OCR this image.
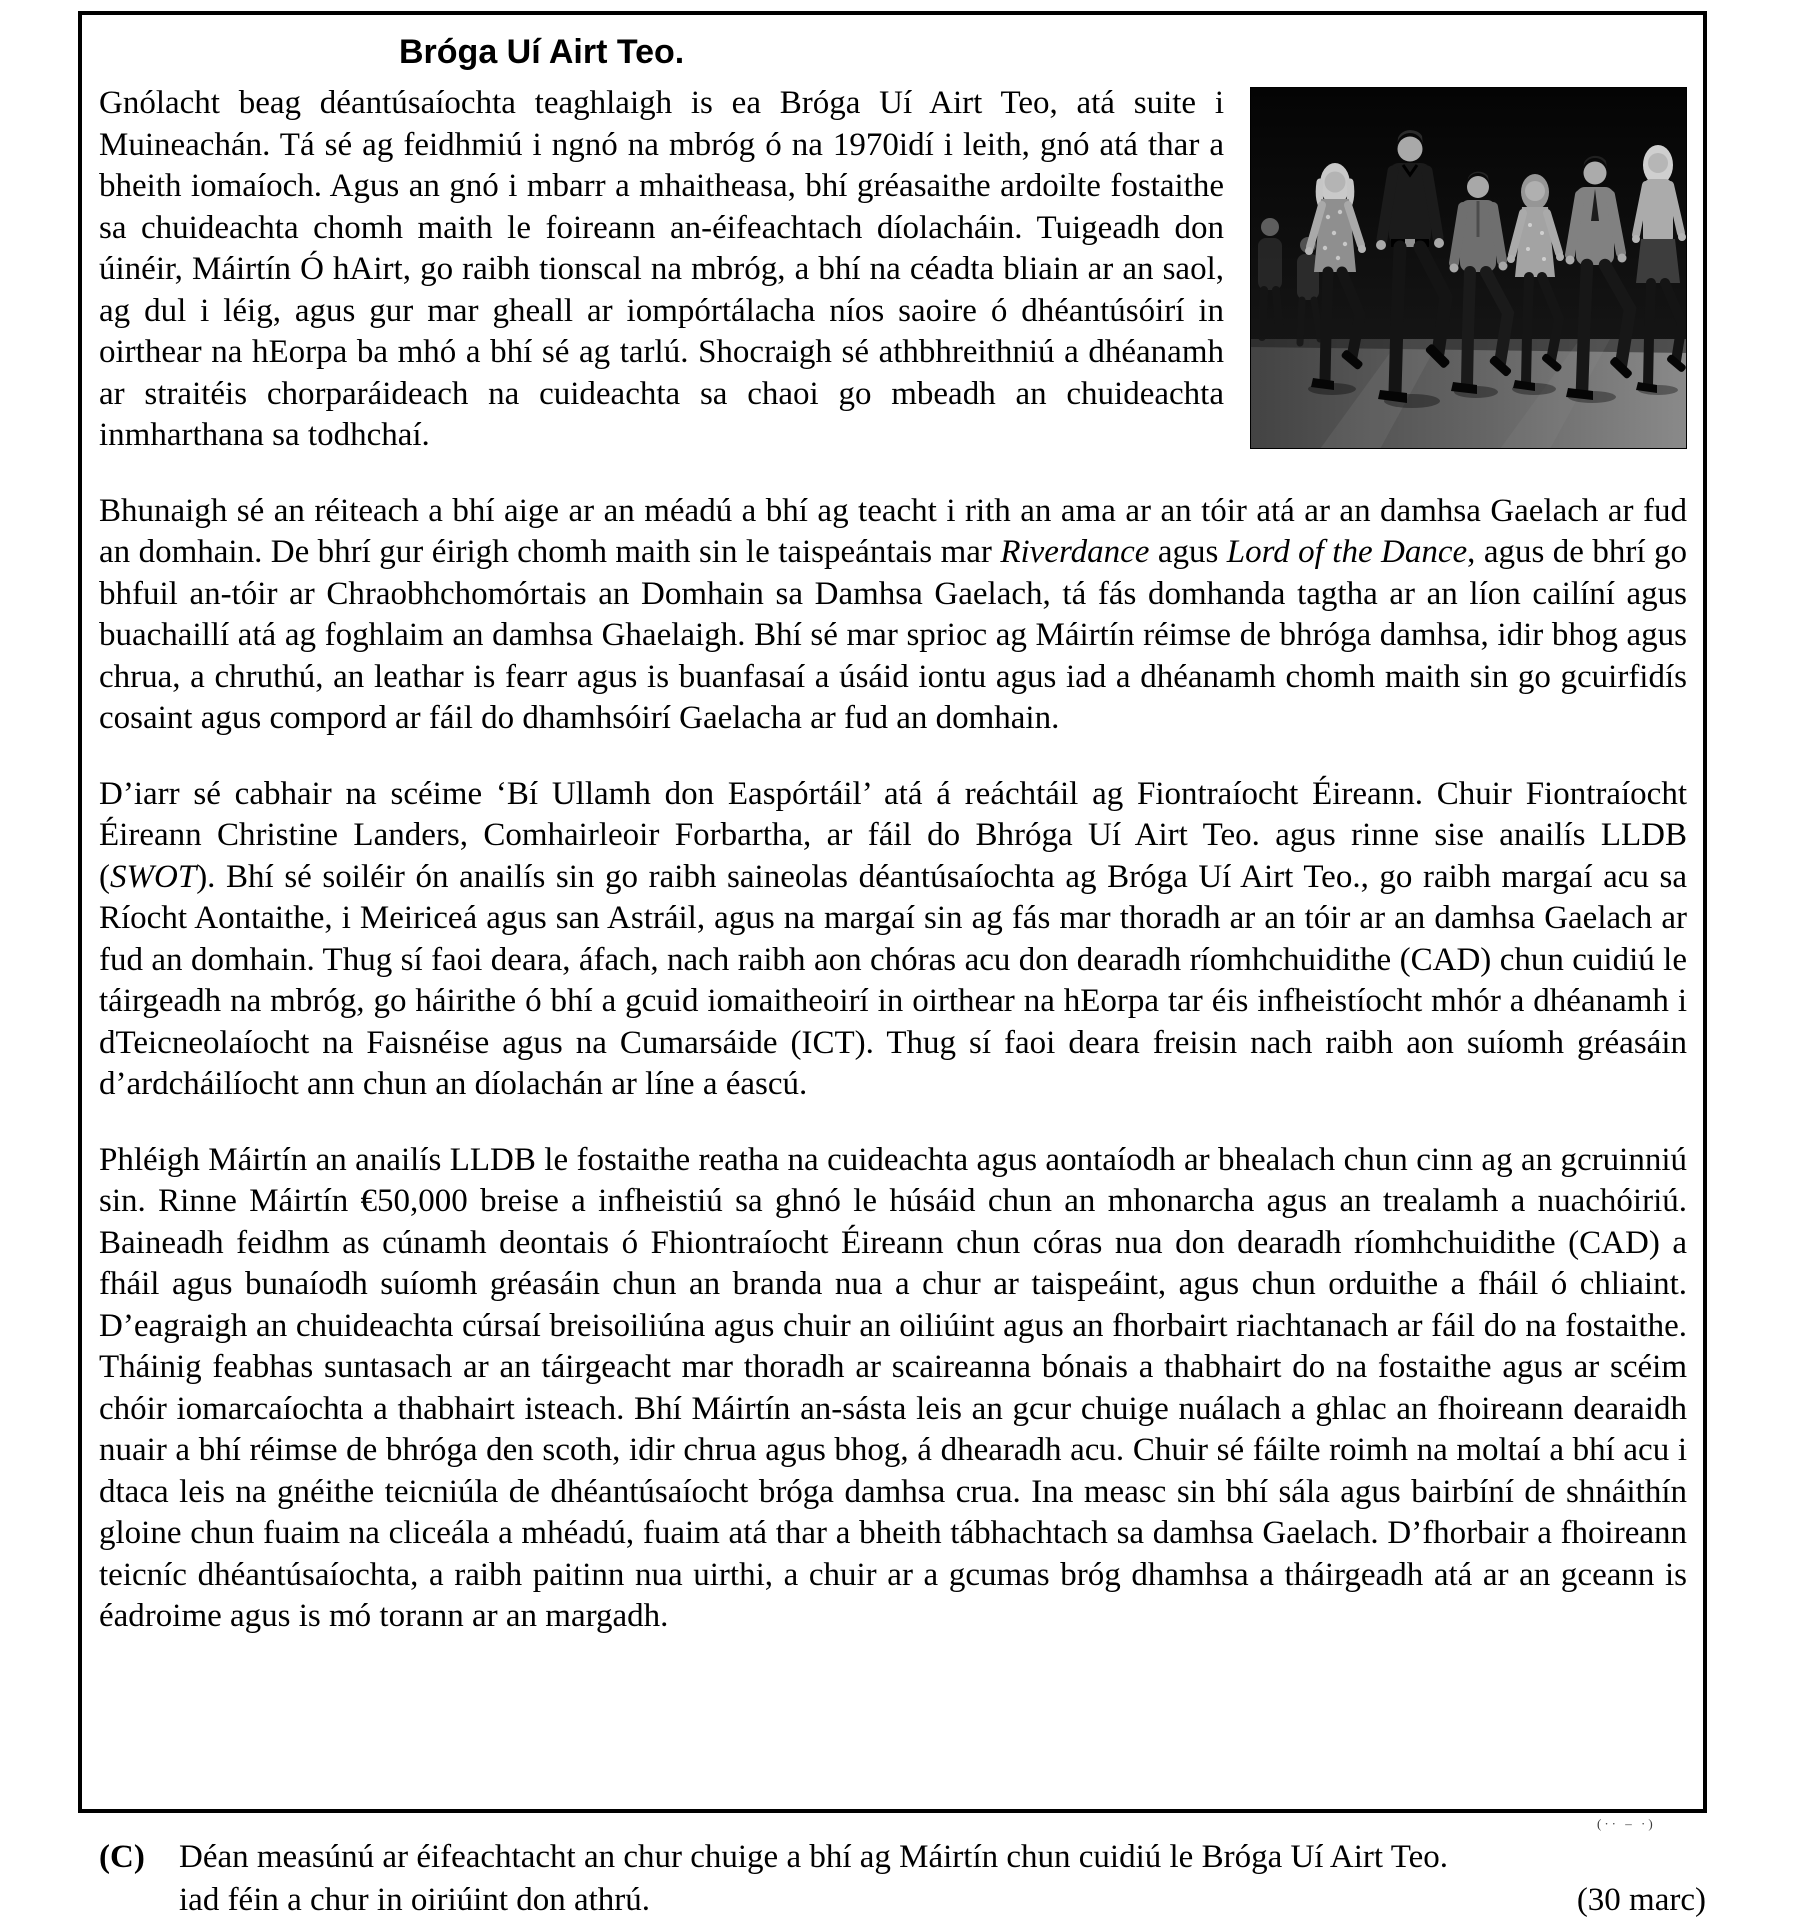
Bróga Uí Airt Teo.
Gnólacht beag déantúsaíochta teaghlaigh is ea Bróga Uí Airt Teo, atá suite i Muineachán. Tá sé ag feidhmiú i ngnó na mbróg ó na 1970idí i leith, gnó atá thar a bheith iomaíoch. Agus an gnó i mbarr a mhaitheasa, bhí gréasaithe ardoilte fostaithe sa chuideachta chomh maith le foireann an-éifeachtach díolacháin. Tuigeadh don úinéir, Máirtín Ó hAirt, go raibh tionscal na mbróg, a bhí na céadta bliain ar an saol, ag dul i léig, agus gur mar gheall ar iompórtálacha níos saoire ó dhéantúsóirí in oirthear na hEorpa ba mhó a bhí sé ag tarlú. Shocraigh sé athbhreithniú a dhéanamh ar straitéis chorparáideach na cuideachta sa chaoi go mbeadh an chuideachta inmharthana sa todhchaí.
Bhunaigh sé an réiteach a bhí aige ar an méadú a bhí ag teacht i rith an ama ar an tóir atá ar an damhsa Gaelach ar fud an domhain. De bhrí gur éirigh chomh maith sin le taispeántais mar Riverdance agus Lord of the Dance, agus de bhrí go bhfuil an-tóir ar Chraobhchomórtais an Domhain sa Damhsa Gaelach, tá fás domhanda tagtha ar an líon cailíní agus buachaillí atá ag foghlaim an damhsa Ghaelaigh. Bhí sé mar sprioc ag Máirtín réimse de bhróga damhsa, idir bhog agus chrua, a chruthú, an leathar is fearr agus is buanfasaí a úsáid iontu agus iad a dhéanamh chomh maith sin go gcuirfidís cosaint agus compord ar fáil do dhamhsóirí Gaelacha ar fud an domhain.
D’iarr sé cabhair na scéime ‘Bí Ullamh don Easpórtáil’ atá á reáchtáil ag Fiontraíocht Éireann. Chuir Fiontraíocht Éireann Christine Landers, Comhairleoir Forbartha, ar fáil do Bhróga Uí Airt Teo. agus rinne sise anailís LLDB (SWOT). Bhí sé soiléir ón anailís sin go raibh saineolas déantúsaíochta ag Bróga Uí Airt Teo., go raibh margaí acu sa Ríocht Aontaithe, i Meiriceá agus san Astráil, agus na margaí sin ag fás mar thoradh ar an tóir ar an damhsa Gaelach ar fud an domhain. Thug sí faoi deara, áfach, nach raibh aon chóras acu don dearadh ríomhchuidithe (CAD) chun cuidiú le táirgeadh na mbróg, go háirithe ó bhí a gcuid iomaitheoirí in oirthear na hEorpa tar éis infheistíocht mhór a dhéanamh i dTeicneolaíocht na Faisnéise agus na Cumarsáide (ICT). Thug sí faoi deara freisin nach raibh aon suíomh gréasáin d’ardcháilíocht ann chun an díolachán ar líne a éascú.
Phléigh Máirtín an anailís LLDB le fostaithe reatha na cuideachta agus aontaíodh ar bhealach chun cinn ag an gcruinniú sin. Rinne Máirtín €50,000 breise a infheistiú sa ghnó le húsáid chun an mhonarcha agus an trealamh a nuachóiriú. Baineadh feidhm as cúnamh deontais ó Fhiontraíocht Éireann chun córas nua don dearadh ríomhchuidithe (CAD) a fháil agus bunaíodh suíomh gréasáin chun an branda nua a chur ar taispeáint, agus chun orduithe a fháil ó chliaint. D’eagraigh an chuideachta cúrsaí breisoiliúna agus chuir an oiliúint agus an fhorbairt riachtanach ar fáil do na fostaithe. Tháinig feabhas suntasach ar an táirgeacht mar thoradh ar scaireanna bónais a thabhairt do na fostaithe agus ar scéim chóir iomarcaíochta a thabhairt isteach. Bhí Máirtín an-sásta leis an gcur chuige nuálach a ghlac an fhoireann dearaidh nuair a bhí réimse de bhróga den scoth, idir chrua agus bhog, á dhearadh acu. Chuir sé fáilte roimh na moltaí a bhí acu i dtaca leis na gnéithe teicniúla de dhéantúsaíocht bróga damhsa crua. Ina measc sin bhí sála agus bairbíní de shnáithín gloine chun fuaim na cliceála a mhéadú, fuaim atá thar a bheith tábhachtach sa damhsa Gaelach. D’fhorbair a fhoireann teicníc dhéantúsaíochta, a raibh paitinn nua uirthi, a chuir ar a gcumas bróg dhamhsa a tháirgeadh atá ar an gceann is éadroime agus is mó torann ar an margadh.
(·· – ·)
(C)	Déan measúnú ar éifeachtacht an chur chuige a bhí ag Máirtín chun cuidiú le Bróga Uí Airt Teo.
iad féin a chur in oiriúint don athrú.	(30 marc)
